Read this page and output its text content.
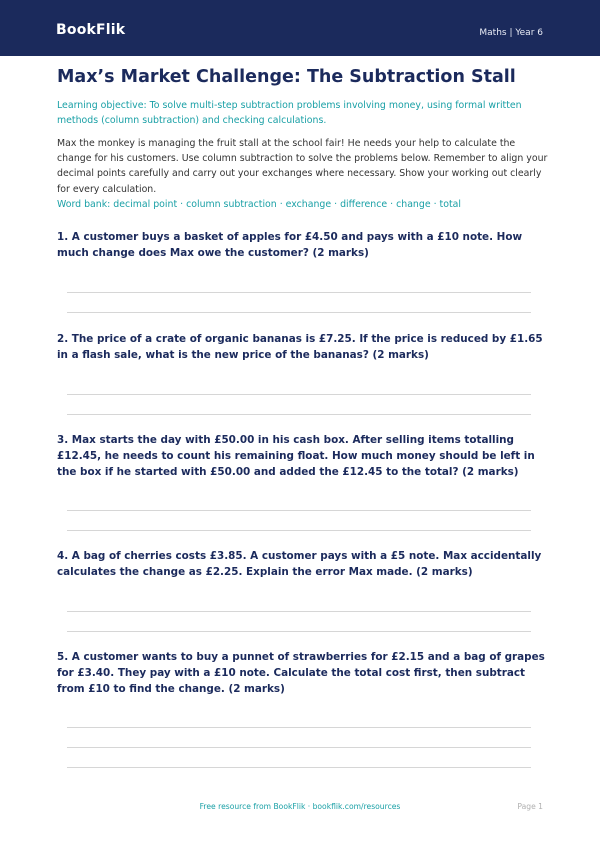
BookFlik	Maths | Year 6
Max’s Market Challenge: The Subtraction Stall

Learning objective: To solve multi-step subtraction problems involving money, using formal written methods (column subtraction) and checking calculations.

Max the monkey is managing the fruit stall at the school fair! He needs your help to calculate the change for his customers. Use column subtraction to solve the problems below. Remember to align your decimal points carefully and carry out your exchanges where necessary. Show your working out clearly for every calculation.

Word bank: decimal point · column subtraction · exchange · difference · change · total

1. A customer buys a basket of apples for £4.50 and pays with a £10 note. How much change does Max owe the customer? (2 marks)

2. The price of a crate of organic bananas is £7.25. If the price is reduced by £1.65 in a flash sale, what is the new price of the bananas? (2 marks)

3. Max starts the day with £50.00 in his cash box. After selling items totalling £12.45, he needs to count his remaining float. How much money should be left in the box if he started with £50.00 and added the £12.45 to the total? (2 marks)

4. A bag of cherries costs £3.85. A customer pays with a £5 note. Max accidentally calculates the change as £2.25. Explain the error Max made. (2 marks)

5. A customer wants to buy a punnet of strawberries for £2.15 and a bag of grapes for £3.40. They pay with a £10 note. Calculate the total cost first, then subtract from £10 to find the change. (2 marks)

Free resource from BookFlik · bookflik.com/resources	Page 1
